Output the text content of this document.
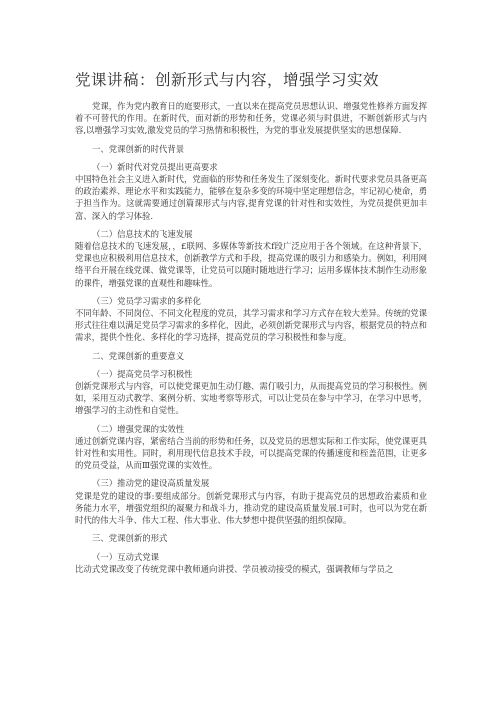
党课讲稿：创新形式与内容，增强学习实效

党课，作为党内教育日的庭要形式，一直以来在提高党员思想认识、增强党性修养方面发挥着不可替代的作用。在新时代，面对新的形势和任务，党课必须与时俱进，不断创新形式与内容,以增强学习实效,激发党员的学习热情和积极性，为党的事业发展提供坚实的思想保障.

一、党课创新的时代背景

（一）新时代对党员提出更高要求

中国特色社会主义进入新时代，党面临的形势和任务发生了深刻变化。新时代要求党员具备更高的政治素养、理论水平和实践能力，能够在复杂多变的环境中坚定理想信念，牢记初心使命，勇于担当作为。这就需要通过创篇课形式与内容,提育党课的针对性和实效性，为党员提供更加丰富、深入的学习体验.

（二）信息技术的飞速发展

随着信息技术的飞速发展，，£联网、多媒体等新技术f段广泛应用于各个领域。在这种背景下，党课也应积极利用信息技术，创新教学方式和手段，提高党课的吸引力和感染力。例如，利用网络平台开展在线党课、做党课等，让党员可以随时随地进行学习；运用多媒体技术制作生动形象的课件，增强党课的直观性和趣味性。

（三）党员学习需求的多样化

不同年龄、不同岗位、不同文化程度的党员，其学习需求和学习方式存在较大差异。传统的党课形式往往难以满足党员学习需求的多样化，因此，必须创新党课形式与内容，根据党员的特点和需求，提供个性化、多样化的学习选择，提高党员的学习积极性和参与度。

二、党课创新的重要意义

（一）提高党员学习积极性

创新党课形式与内容，可以使党课更加生动仃趣、需仃吸引力，从而提高党员的学习积极性。例如，采用互动式教学、案例分析、实地考察等形式，可以让党员在参与中学习，在学习中思考，增强学习的主动性和自觉性。

（二）增强党课的实效性

通过创新党课内容，紧密结合当前的形势和任务，以及党员的思想实际和工作实际，使党课更具针对性和实用性。同时，利用现代信息技术手段，可以提高党课的传播速度和桎盖范围，让更多的党员受益，从而Ⅲ强党课的实效性。

（三）推动党的建设高质量发展

党课是党的建设的事:要组成部分。创新党课形式与内容，有助于提高党员的思想政治素质和业务能力水平，增强党组织的凝聚力和战斗力，推动党的建设高质量发展.I可时，也可以为党在新时代的伟大斗争、伟大工程、伟大事业、伟大梦想中提供坚强的组织保障。

三、党课创新的形式

（一）互动式党课

比动式党课改变了传统党课中教师通向讲授、学员被动接受的模式，强调教师与学员之
